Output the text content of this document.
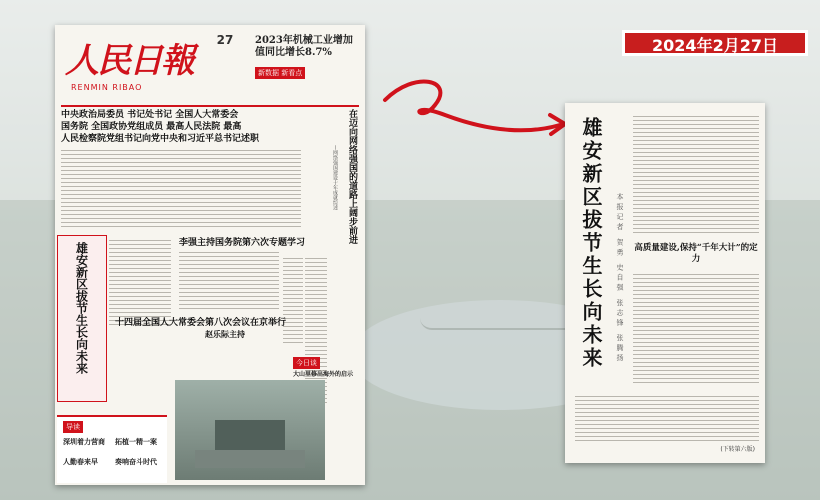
2024年2月27日
人民日報
RENMIN RIBAO
27	2023年机械工业增加值同比增长8.7%
新数据 新看点
中央政治局委员 书记处书记 全国人大常委会
国务院 全国政协党组成员 最高人民法院 最高
人民检察院党组书记向党中央和习近平总书记述职	在迈向网络强国的道路上阔步前进
—网络强国建设十年成就综述
雄安新区拔节生长向未来	李强主持国务院第六次专题学习
十四届全国人大常委会第八次会议在京举行
赵乐际主持
今日谈
大山里修出海外的启示
导读
深圳着力营商 拓植一精一案
人勤春来早 奏响奋斗时代
雄安新区拔节生长向未来	本报记者 贺勇 史自强 张志锋 张腾扬 高质量建设,保持“千年大计”的定力
(下转第六版)
